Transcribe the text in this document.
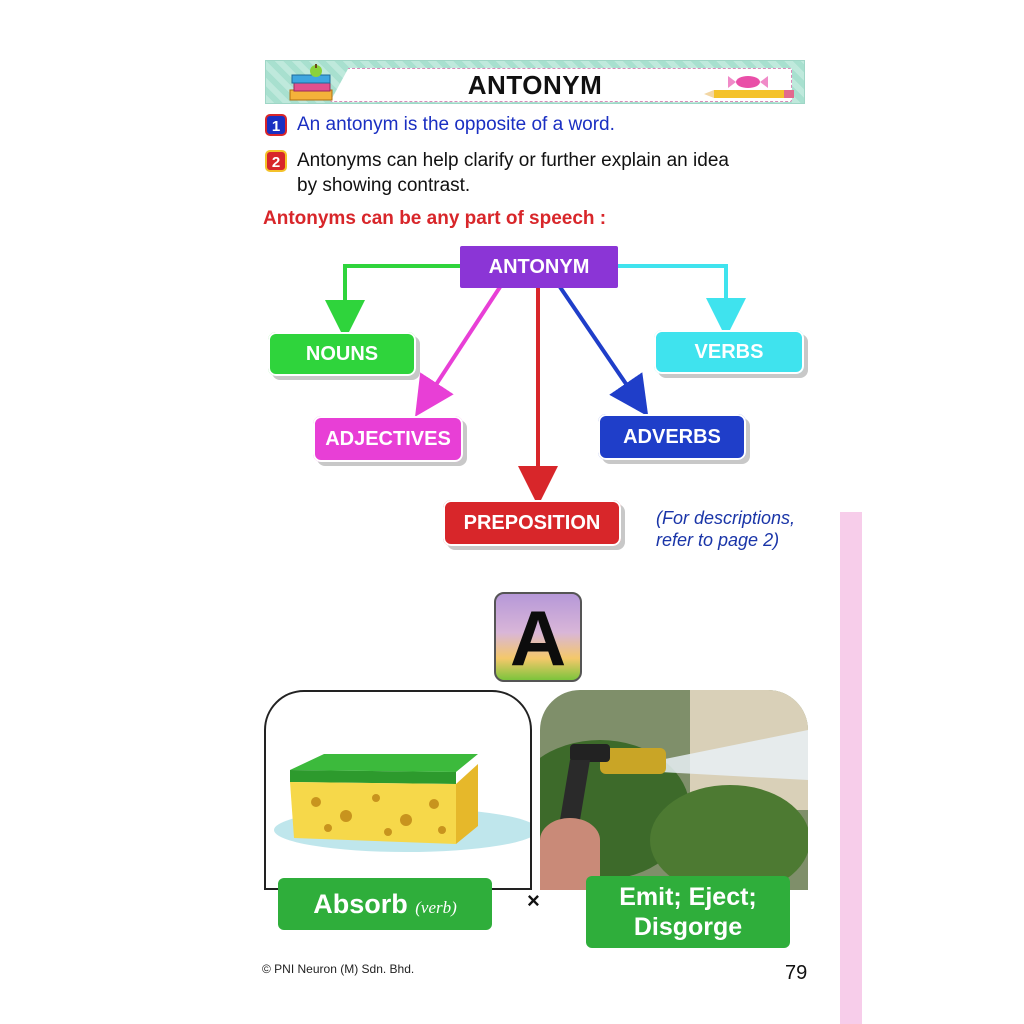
ANTONYM
1 An antonym is the opposite of a word.
2 Antonyms can help clarify or further explain an idea
by showing contrast.
Antonyms can be any part of speech :
ANTONYM
NOUNS
ADJECTIVES
PREPOSITION
ADVERBS
VERBS
(For descriptions,
refer to page 2)
A
Absorb (verb)	×	Emit; Eject;
Disgorge
© PNI Neuron (M) Sdn. Bhd.	79
